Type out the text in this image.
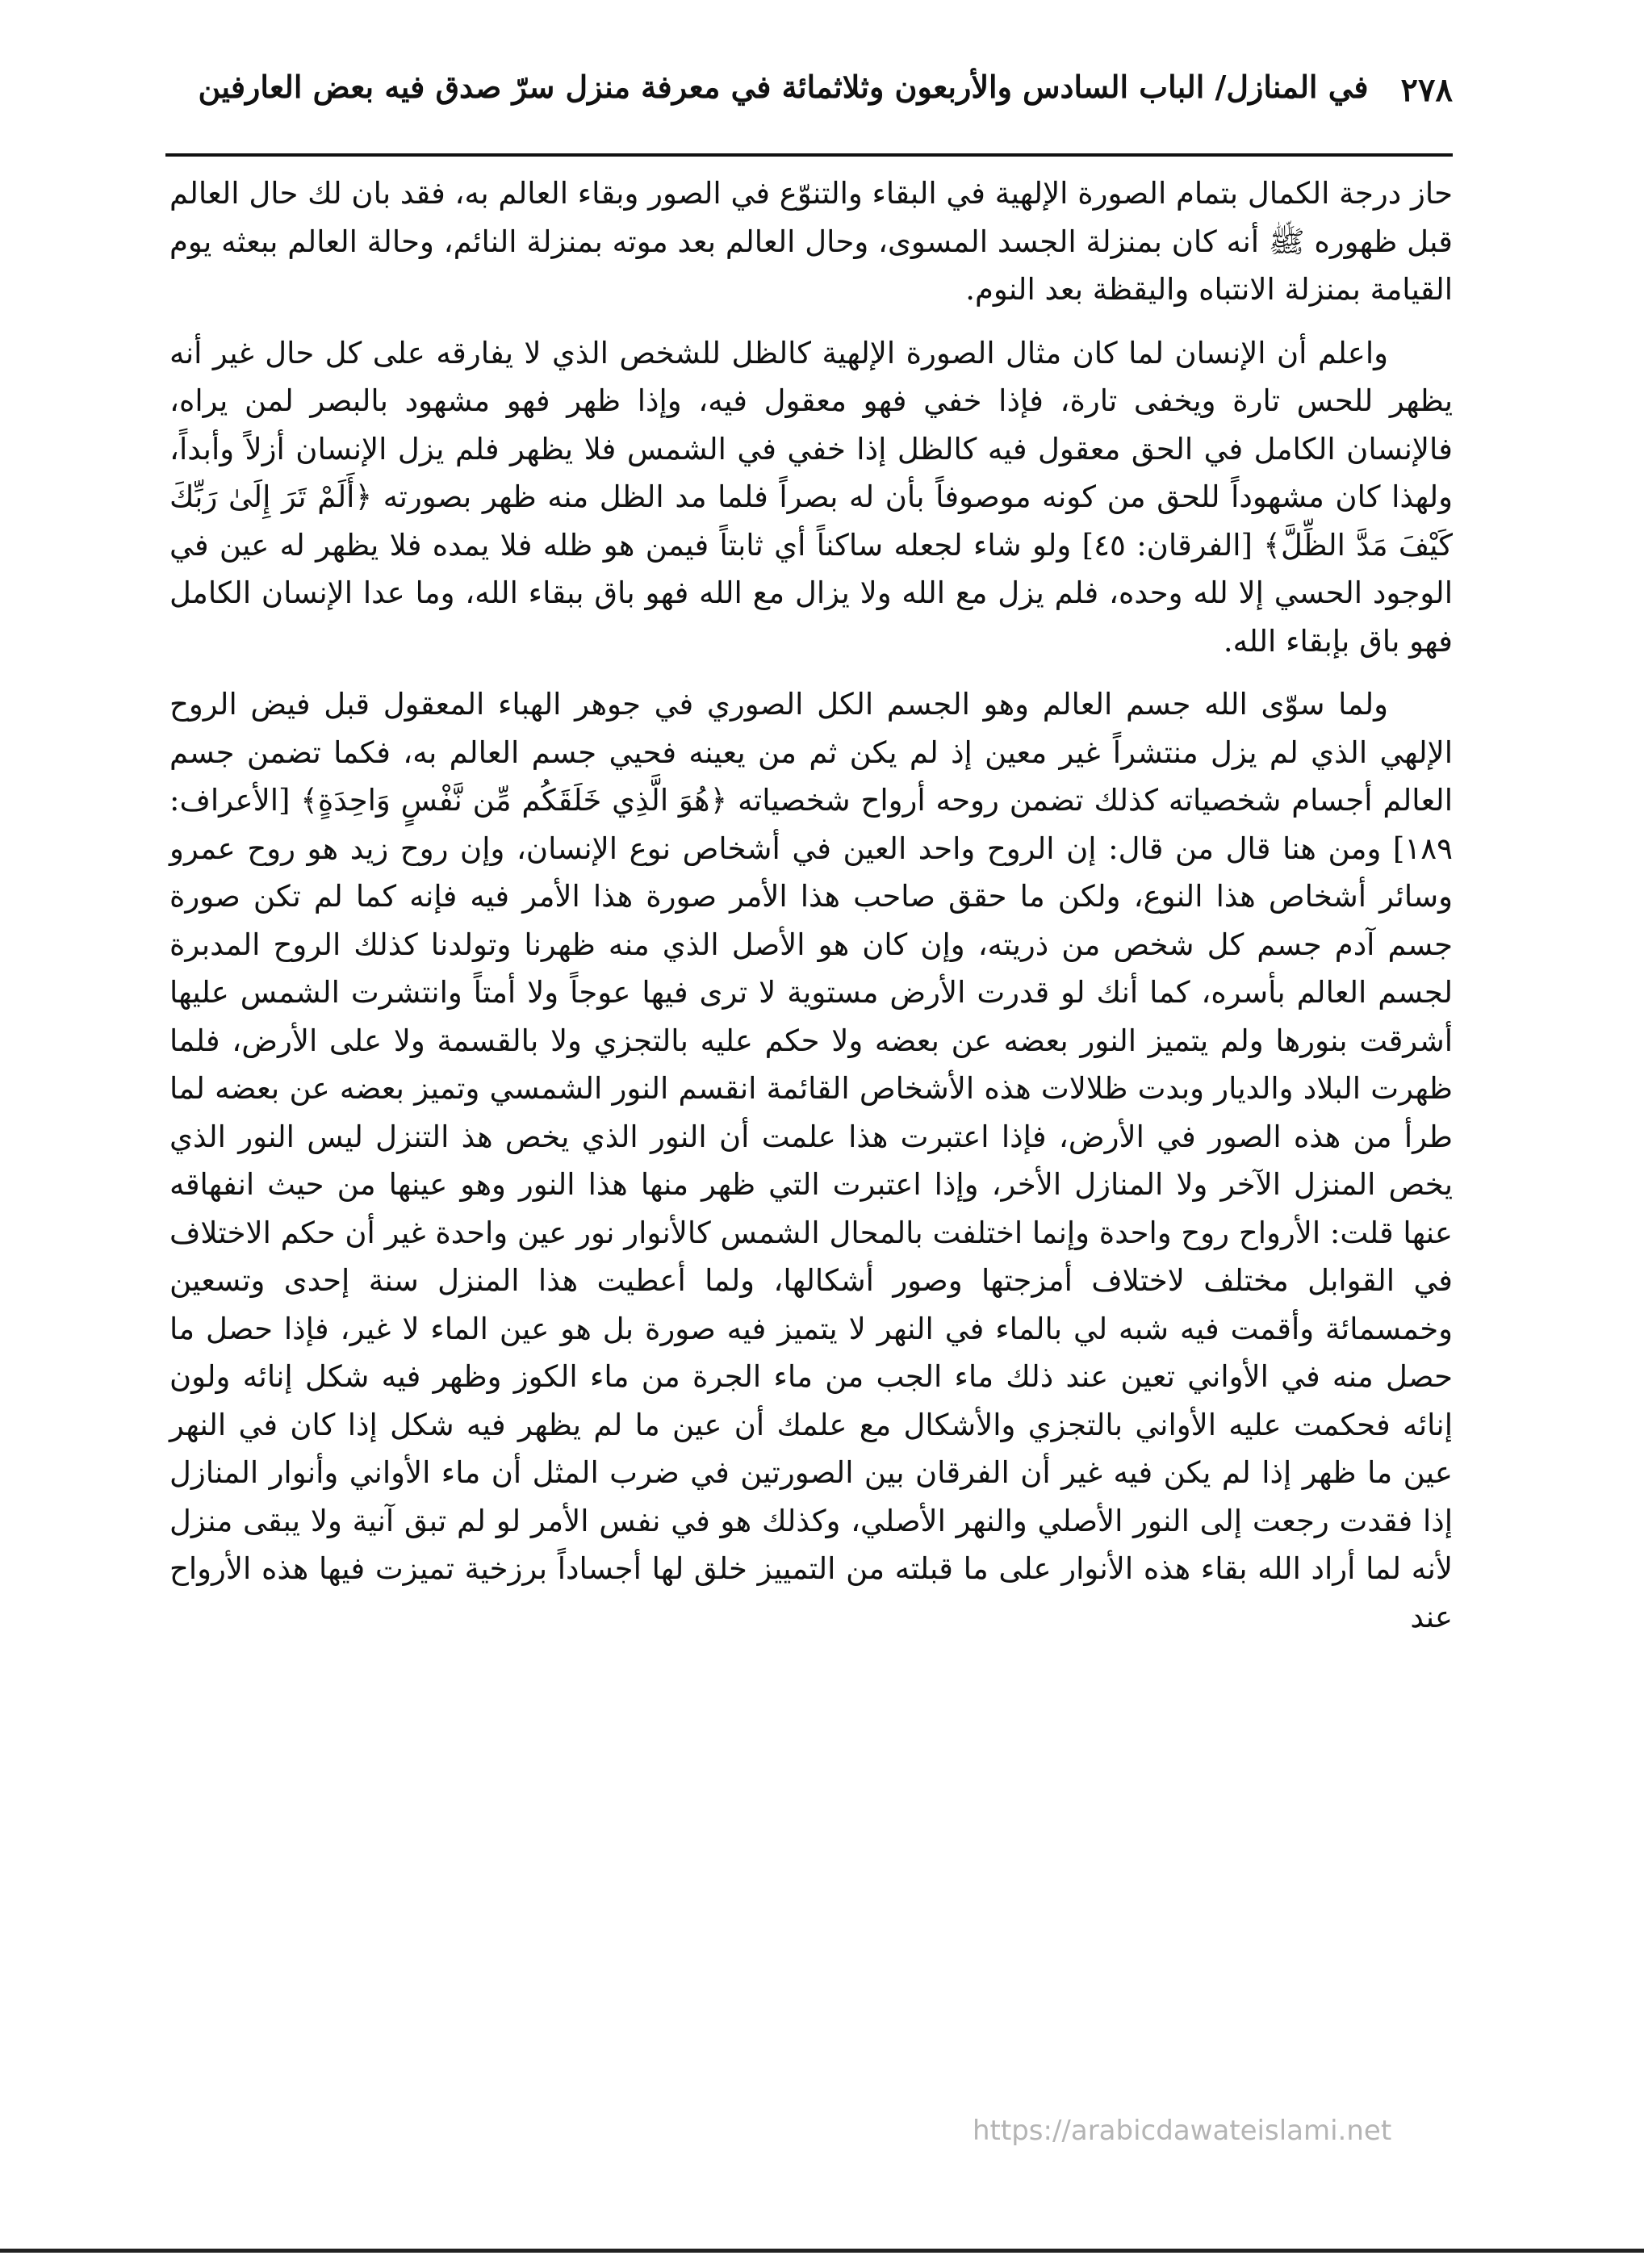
٢٧٨
في المنازل/ الباب السادس والأربعون وثلاثمائة في معرفة منزل سرّ صدق فيه بعض العارفين

حاز درجة الكمال بتمام الصورة الإلهية في البقاء والتنوّع في الصور وبقاء العالم به، فقد بان لك حال العالم قبل ظهوره ﷺ أنه كان بمنزلة الجسد المسوى، وحال العالم بعد موته بمنزلة النائم، وحالة العالم ببعثه يوم القيامة بمنزلة الانتباه واليقظة بعد النوم.

واعلم أن الإنسان لما كان مثال الصورة الإلهية كالظل للشخص الذي لا يفارقه على كل حال غير أنه يظهر للحس تارة ويخفى تارة، فإذا خفي فهو معقول فيه، وإذا ظهر فهو مشهود بالبصر لمن يراه، فالإنسان الكامل في الحق معقول فيه كالظل إذا خفي في الشمس فلا يظهر فلم يزل الإنسان أزلاً وأبداً، ولهذا كان مشهوداً للحق من كونه موصوفاً بأن له بصراً فلما مد الظل منه ظهر بصورته ﴿أَلَمْ تَرَ إِلَىٰ رَبِّكَ كَيْفَ مَدَّ الظِّلَّ﴾ [الفرقان: ٤٥] ولو شاء لجعله ساكناً أي ثابتاً فيمن هو ظله فلا يمده فلا يظهر له عين في الوجود الحسي إلا لله وحده، فلم يزل مع الله ولا يزال مع الله فهو باق ببقاء الله، وما عدا الإنسان الكامل فهو باق بإبقاء الله.

ولما سوّى الله جسم العالم وهو الجسم الكل الصوري في جوهر الهباء المعقول قبل فيض الروح الإلهي الذي لم يزل منتشراً غير معين إذ لم يكن ثم من يعينه فحيي جسم العالم به، فكما تضمن جسم العالم أجسام شخصياته كذلك تضمن روحه أرواح شخصياته ﴿هُوَ الَّذِي خَلَقَكُم مِّن نَّفْسٍ وَاحِدَةٍ﴾ [الأعراف: ١٨٩] ومن هنا قال من قال: إن الروح واحد العين في أشخاص نوع الإنسان، وإن روح زيد هو روح عمرو وسائر أشخاص هذا النوع، ولكن ما حقق صاحب هذا الأمر صورة هذا الأمر فيه فإنه كما لم تكن صورة جسم آدم جسم كل شخص من ذريته، وإن كان هو الأصل الذي منه ظهرنا وتولدنا كذلك الروح المدبرة لجسم العالم بأسره، كما أنك لو قدرت الأرض مستوية لا ترى فيها عوجاً ولا أمتاً وانتشرت الشمس عليها أشرقت بنورها ولم يتميز النور بعضه عن بعضه ولا حكم عليه بالتجزي ولا بالقسمة ولا على الأرض، فلما ظهرت البلاد والديار وبدت ظلالات هذه الأشخاص القائمة انقسم النور الشمسي وتميز بعضه عن بعضه لما طرأ من هذه الصور في الأرض، فإذا اعتبرت هذا علمت أن النور الذي يخص هذ التنزل ليس النور الذي يخص المنزل الآخر ولا المنازل الأخر، وإذا اعتبرت التي ظهر منها هذا النور وهو عينها من حيث انفهاقه عنها قلت: الأرواح روح واحدة وإنما اختلفت بالمحال الشمس كالأنوار نور عين واحدة غير أن حكم الاختلاف في القوابل مختلف لاختلاف أمزجتها وصور أشكالها، ولما أعطيت هذا المنزل سنة إحدى وتسعين وخمسمائة وأقمت فيه شبه لي بالماء في النهر لا يتميز فيه صورة بل هو عين الماء لا غير، فإذا حصل ما حصل منه في الأواني تعين عند ذلك ماء الجب من ماء الجرة من ماء الكوز وظهر فيه شكل إنائه ولون إنائه فحكمت عليه الأواني بالتجزي والأشكال مع علمك أن عين ما لم يظهر فيه شكل إذا كان في النهر عين ما ظهر إذا لم يكن فيه غير أن الفرقان بين الصورتين في ضرب المثل أن ماء الأواني وأنوار المنازل إذا فقدت رجعت إلى النور الأصلي والنهر الأصلي، وكذلك هو في نفس الأمر لو لم تبق آنية ولا يبقى منزل لأنه لما أراد الله بقاء هذه الأنوار على ما قبلته من التمييز خلق لها أجساداً برزخية تميزت فيها هذه الأرواح عند

https://arabicdawateislami.net
